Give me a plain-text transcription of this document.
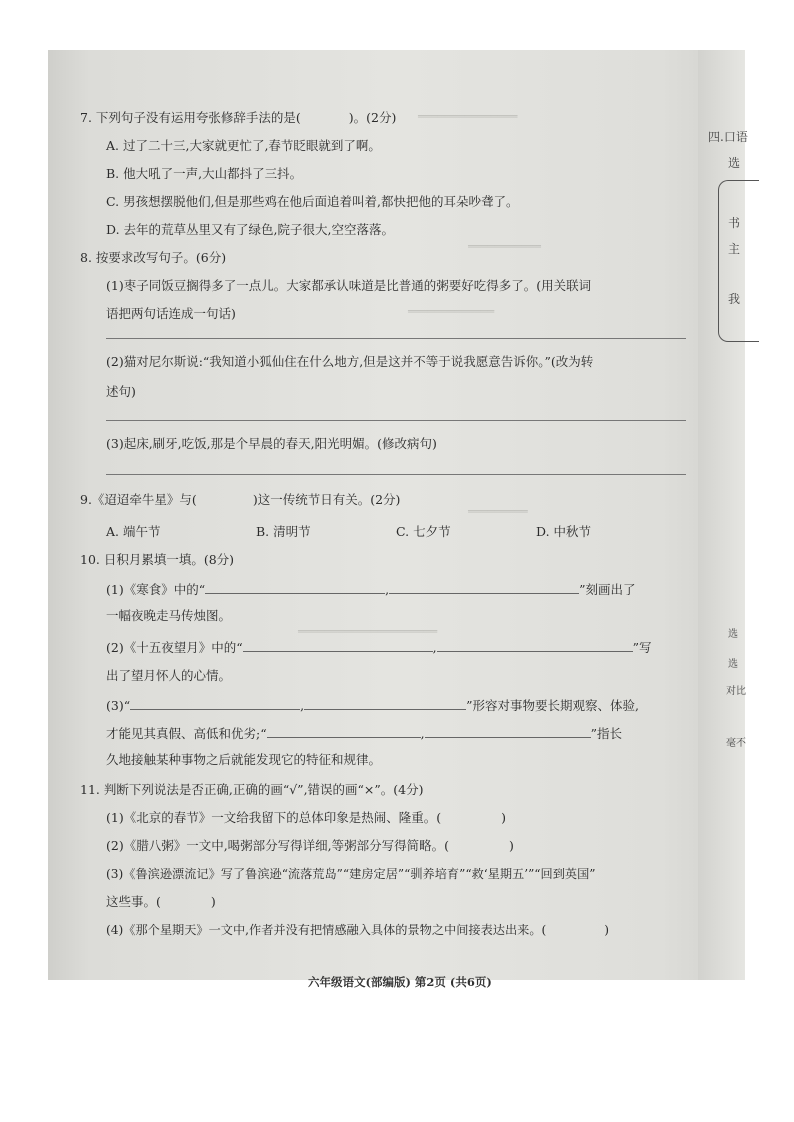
═══════════════
═══════════
═════════════
═════════
═════════════════════
7. 下列句子没有运用夸张修辞手法的是(	)。(2分)
A. 过了二十三,大家就更忙了,春节眨眼就到了啊。
B. 他大吼了一声,大山都抖了三抖。
C. 男孩想摆脱他们,但是那些鸡在他后面追着叫着,都快把他的耳朵吵聋了。
D. 去年的荒草丛里又有了绿色,院子很大,空空落落。
8. 按要求改写句子。(6分)
(1)枣子同饭豆搁得多了一点儿。大家都承认味道是比普通的粥要好吃得多了。(用关联词
语把两句话连成一句话)
(2)猫对尼尔斯说:“我知道小狐仙住在什么地方,但是这并不等于说我愿意告诉你。”(改为转
述句)
(3)起床,刷牙,吃饭,那是个早晨的春天,阳光明媚。(修改病句)
9.《迢迢牵牛星》与(	)这一传统节日有关。(2分)
A. 端午节	B. 清明节	C. 七夕节	D. 中秋节
10. 日积月累填一填。(8分)
(1)《寒食》中的“	,	”刻画出了
一幅夜晚走马传烛图。
(2)《十五夜望月》中的“	,	”写
出了望月怀人的心情。
(3)“	,	”形容对事物要长期观察、体验,
才能见其真假、高低和优劣;“	,	”指长
久地接触某种事物之后就能发现它的特征和规律。
11. 判断下列说法是否正确,正确的画“√”,错误的画“×”。(4分)
(1)《北京的春节》一文给我留下的总体印象是热闹、隆重。(	)
(2)《腊八粥》一文中,喝粥部分写得详细,等粥部分写得简略。(	)
(3)《鲁滨逊漂流记》写了鲁滨逊“流落荒岛”“建房定居”“驯养培育”“救‘星期五’”“回到英国”
这些事。(	)
(4)《那个星期天》一文中,作者并没有把情感融入具体的景物之中间接表达出来。(	)
六年级语文(部编版) 第2页 (共6页)
四.口语
选
书
主
我
选
选
对比
毫不
